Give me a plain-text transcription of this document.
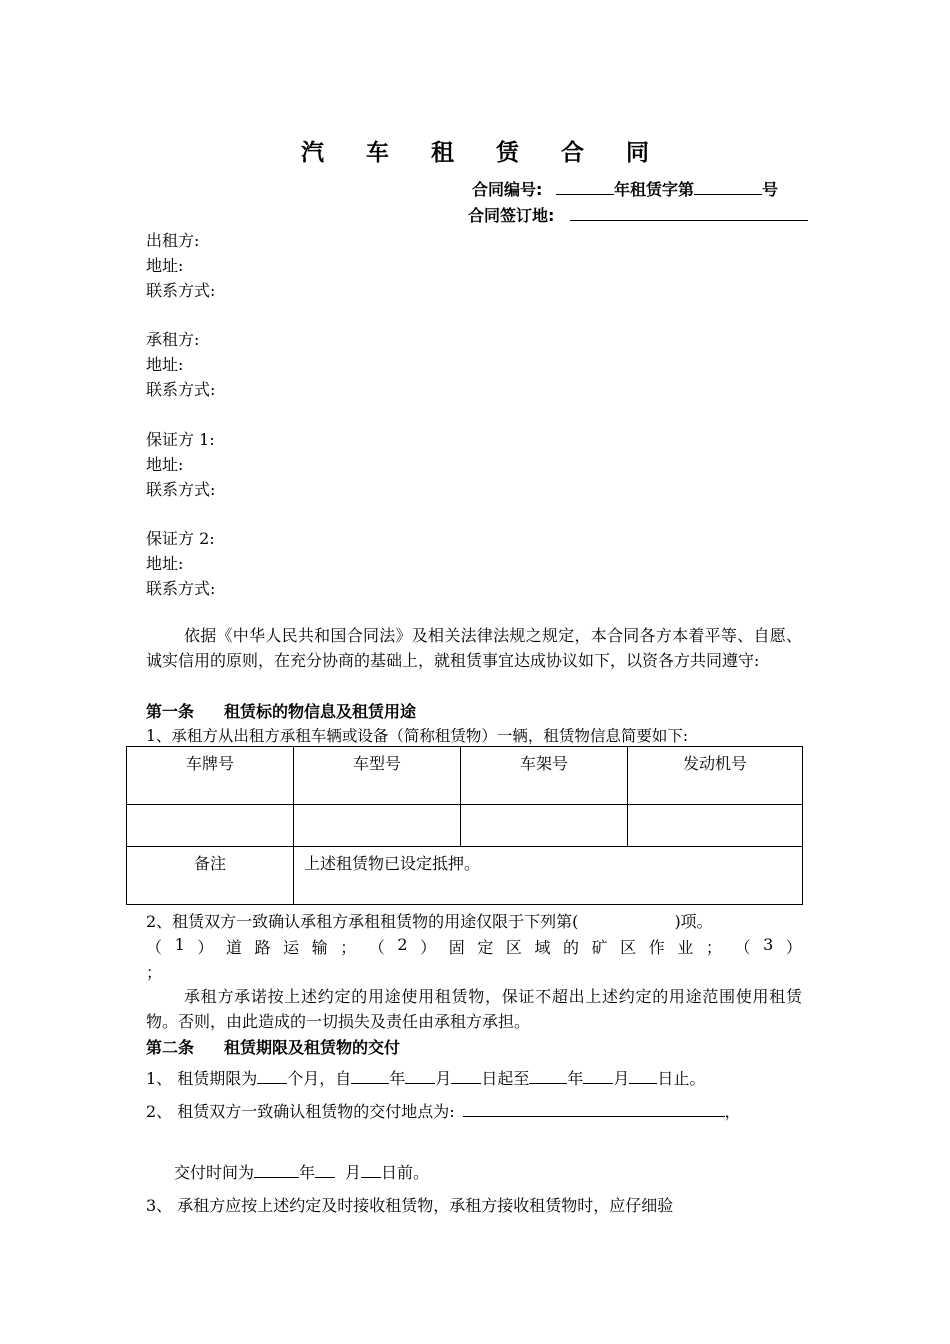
汽 车 租 赁 合 同
合同编号:	年租赁字第	号
合同签订地:
出租方:
地址:
联系方式:
承租方:
地址:
联系方式:
保证方 1:
地址:
联系方式:
保证方 2:
地址:
联系方式:
依据《中华人民共和国合同法》及相关法律法规之规定，本合同各方本着平等、自愿、诚实信用的原则，在充分协商的基础上，就租赁事宜达成协议如下，以资各方共同遵守:
第一条 租赁标的物信息及租赁用途
1、承租方从出租方承租车辆或设备（简称租赁物）一辆，租赁物信息简要如下:
车牌号	车型号	车架号	发动机号

备注	上述租赁物已设定抵押。		
2、租赁双方一致确认承租方承租租赁物的用途仅限于下列第(	)项。
（ 1 ） 道 路 运 输 ； （ 2 ） 固 定 区 域 的 矿 区 作 业 ； （ 3 ）
；
承租方承诺按上述约定的用途使用租赁物，保证不超出上述约定的用途范围使用租赁物。否则，由此造成的一切损失及责任由承租方承担。
第二条 租赁期限及租赁物的交付
1、 租赁期限为 个月，自 年 月 日起至 年 月 日止。
2、 租赁双方一致确认租赁物的交付地点为:	，
交付时间为	年 月 日前。
3、 承租方应按上述约定及时接收租赁物，承租方接收租赁物时，应仔细验
